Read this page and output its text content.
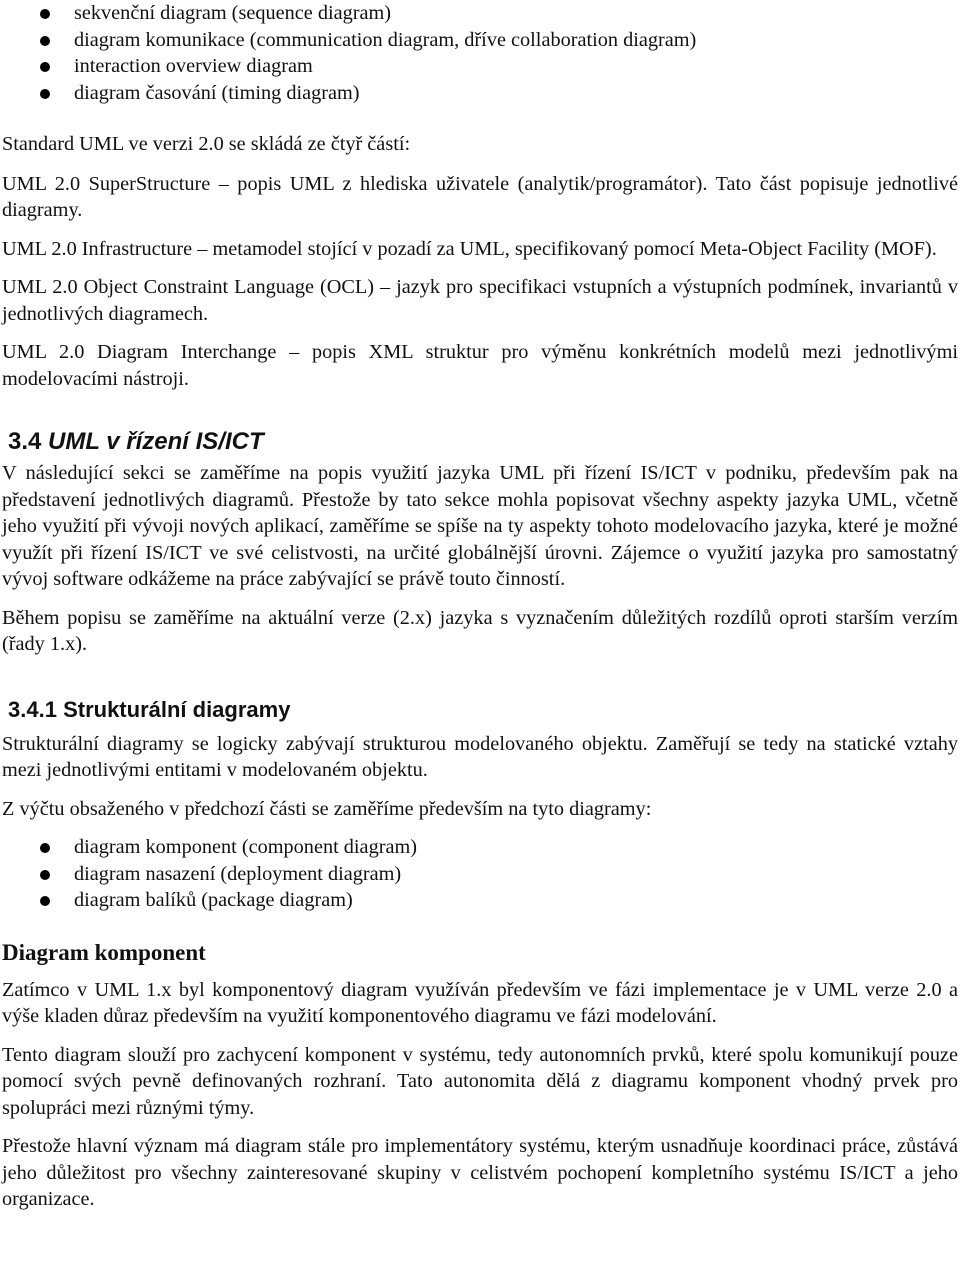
sekvenční diagram (sequence diagram)
diagram komunikace (communication diagram, dříve collaboration diagram)
interaction overview diagram
diagram časování (timing diagram)

Standard UML ve verzi 2.0 se skládá ze čtyř částí:

UML 2.0 SuperStructure – popis UML z hlediska uživatele (analytik/programátor). Tato část popisuje jednotlivé diagramy.

UML 2.0 Infrastructure – metamodel stojící v pozadí za UML, specifikovaný pomocí Meta-Object Facility (MOF).

UML 2.0 Object Constraint Language (OCL) – jazyk pro specifikaci vstupních a výstupních podmínek, invariantů v jednotlivých diagramech.

UML 2.0 Diagram Interchange – popis XML struktur pro výměnu konkrétních modelů mezi jednotlivými modelovacími nástroji.

3.4 UML v řízení IS/ICT

V následující sekci se zaměříme na popis využití jazyka UML při řízení IS/ICT v podniku, především pak na představení jednotlivých diagramů. Přestože by tato sekce mohla popisovat všechny aspekty jazyka UML, včetně jeho využití při vývoji nových aplikací, zaměříme se spíše na ty aspekty tohoto modelovacího jazyka, které je možné využít při řízení IS/ICT ve své celistvosti, na určité globálnější úrovni. Zájemce o využití jazyka pro samostatný vývoj software odkážeme na práce zabývající se právě touto činností.

Během popisu se zaměříme na aktuální verze (2.x) jazyka s vyznačením důležitých rozdílů oproti starším verzím (řady 1.x).

3.4.1 Strukturální diagramy

Strukturální diagramy se logicky zabývají strukturou modelovaného objektu. Zaměřují se tedy na statické vztahy mezi jednotlivými entitami v modelovaném objektu.

Z výčtu obsaženého v předchozí části se zaměříme především na tyto diagramy:

diagram komponent (component diagram)
diagram nasazení (deployment diagram)
diagram balíků (package diagram)
Diagram komponent

Zatímco v UML 1.x byl komponentový diagram využíván především ve fázi implementace je v UML verze 2.0 a výše kladen důraz především na využití komponentového diagramu ve fázi modelování.

Tento diagram slouží pro zachycení komponent v systému, tedy autonomních prvků, které spolu komunikují pouze pomocí svých pevně definovaných rozhraní. Tato autonomita dělá z diagramu komponent vhodný prvek pro spolupráci mezi různými týmy.

Přestože hlavní význam má diagram stále pro implementátory systému, kterým usnadňuje koordinaci práce, zůstává jeho důležitost pro všechny zainteresované skupiny v celistvém pochopení kompletního systému IS/ICT a jeho organizace.
